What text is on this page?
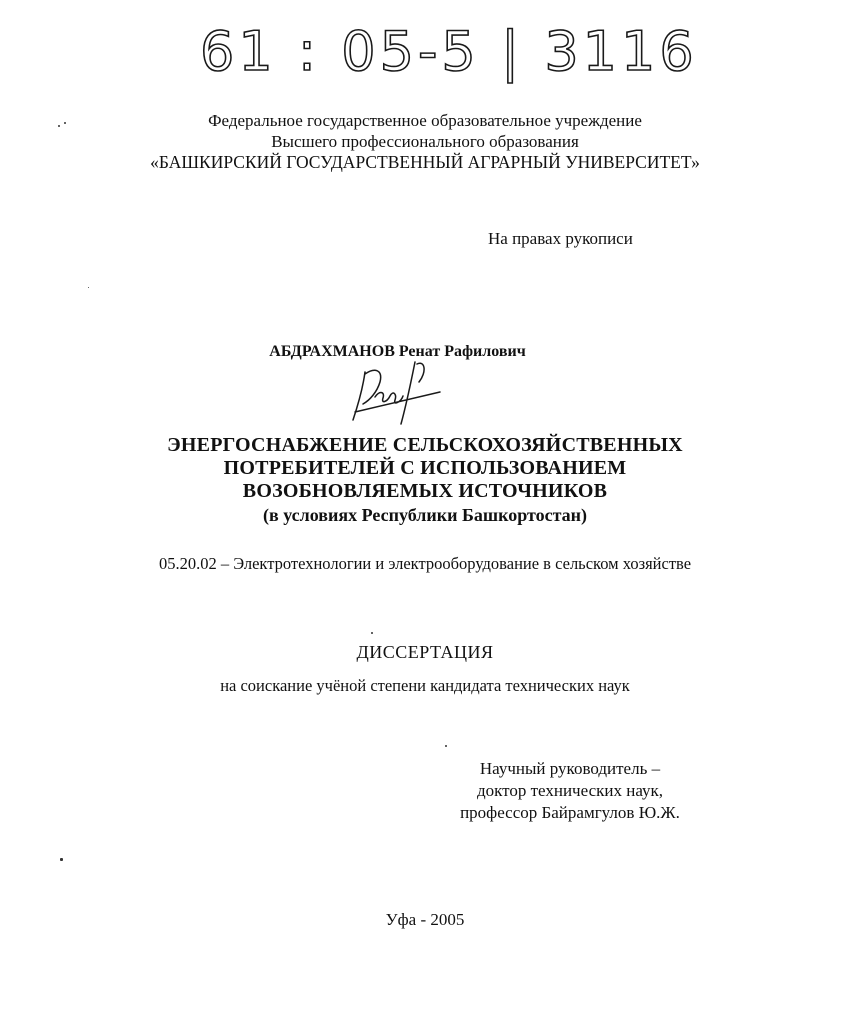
61 : 05-5 | 3116
Федеральное государственное образовательное учреждение
Высшего профессионального образования
«БАШКИРСКИЙ ГОСУДАРСТВЕННЫЙ АГРАРНЫЙ УНИВЕРСИТЕТ»
На правах рукописи
АБДРАХМАНОВ Ренат Рафилович
ЭНЕРГОСНАБЖЕНИЕ СЕЛЬСКОХОЗЯЙСТВЕННЫХ
ПОТРЕБИТЕЛЕЙ С ИСПОЛЬЗОВАНИЕМ
ВОЗОБНОВЛЯЕМЫХ ИСТОЧНИКОВ
(в условиях Республики Башкортостан)
05.20.02 – Электротехнологии и электрооборудование в сельском хозяйстве
ДИССЕРТАЦИЯ
на соискание учёной степени кандидата технических наук
Научный руководитель –
доктор технических наук,
профессор Байрамгулов Ю.Ж.
Уфа - 2005
